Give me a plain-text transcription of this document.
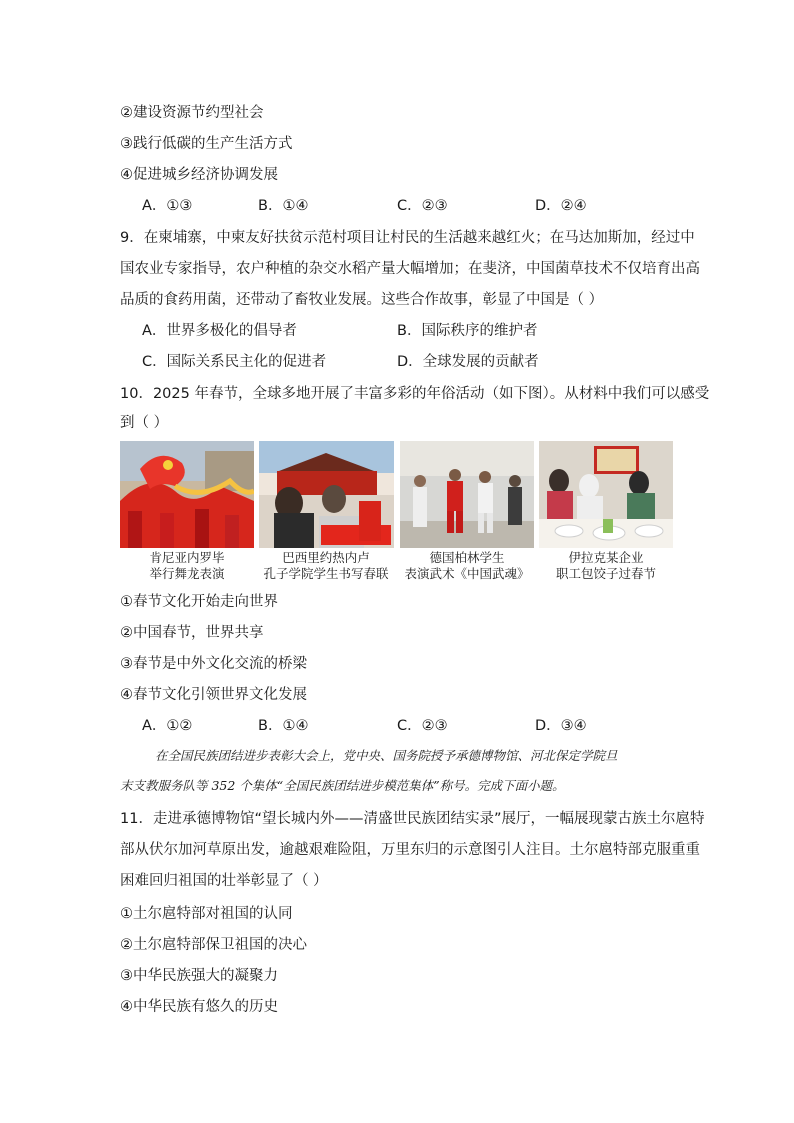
②建设资源节约型社会
③践行低碳的生产生活方式
④促进城乡经济协调发展
A．①③	B．①④	C．②③	D．②④
9．在柬埔寨，中柬友好扶贫示范村项目让村民的生活越来越红火；在马达加斯加，经过中
国农业专家指导，农户种植的杂交水稻产量大幅增加；在斐济，中国菌草技术不仅培育出高
品质的食药用菌，还带动了畜牧业发展。这些合作故事，彰显了中国是（ ）
A．世界多极化的倡导者	B．国际秩序的维护者
C．国际关系民主化的促进者	D．全球发展的贡献者
10．2025 年春节，全球多地开展了丰富多彩的年俗活动（如下图）。从材料中我们可以感受
到（ ）
肯尼亚内罗毕
举行舞龙表演
巴西里约热内卢
孔子学院学生书写春联
德国柏林学生
表演武术《中国武魂》
伊拉克某企业
职工包饺子过春节
①春节文化开始走向世界
②中国春节，世界共享
③春节是中外文化交流的桥梁
④春节文化引领世界文化发展
A．①②	B．①④	C．②③	D．③④
在全国民族团结进步表彰大会上，党中央、国务院授予承德博物馆、河北保定学院旦
末支教服务队等 352 个集体“全国民族团结进步模范集体”称号。完成下面小题。
11．走进承德博物馆“望长城内外——清盛世民族团结实录”展厅，一幅展现蒙古族土尔扈特
部从伏尔加河草原出发，逾越艰难险阻，万里东归的示意图引人注目。土尔扈特部克服重重
困难回归祖国的壮举彰显了（ ）
①土尔扈特部对祖国的认同
②土尔扈特部保卫祖国的决心
③中华民族强大的凝聚力
④中华民族有悠久的历史
